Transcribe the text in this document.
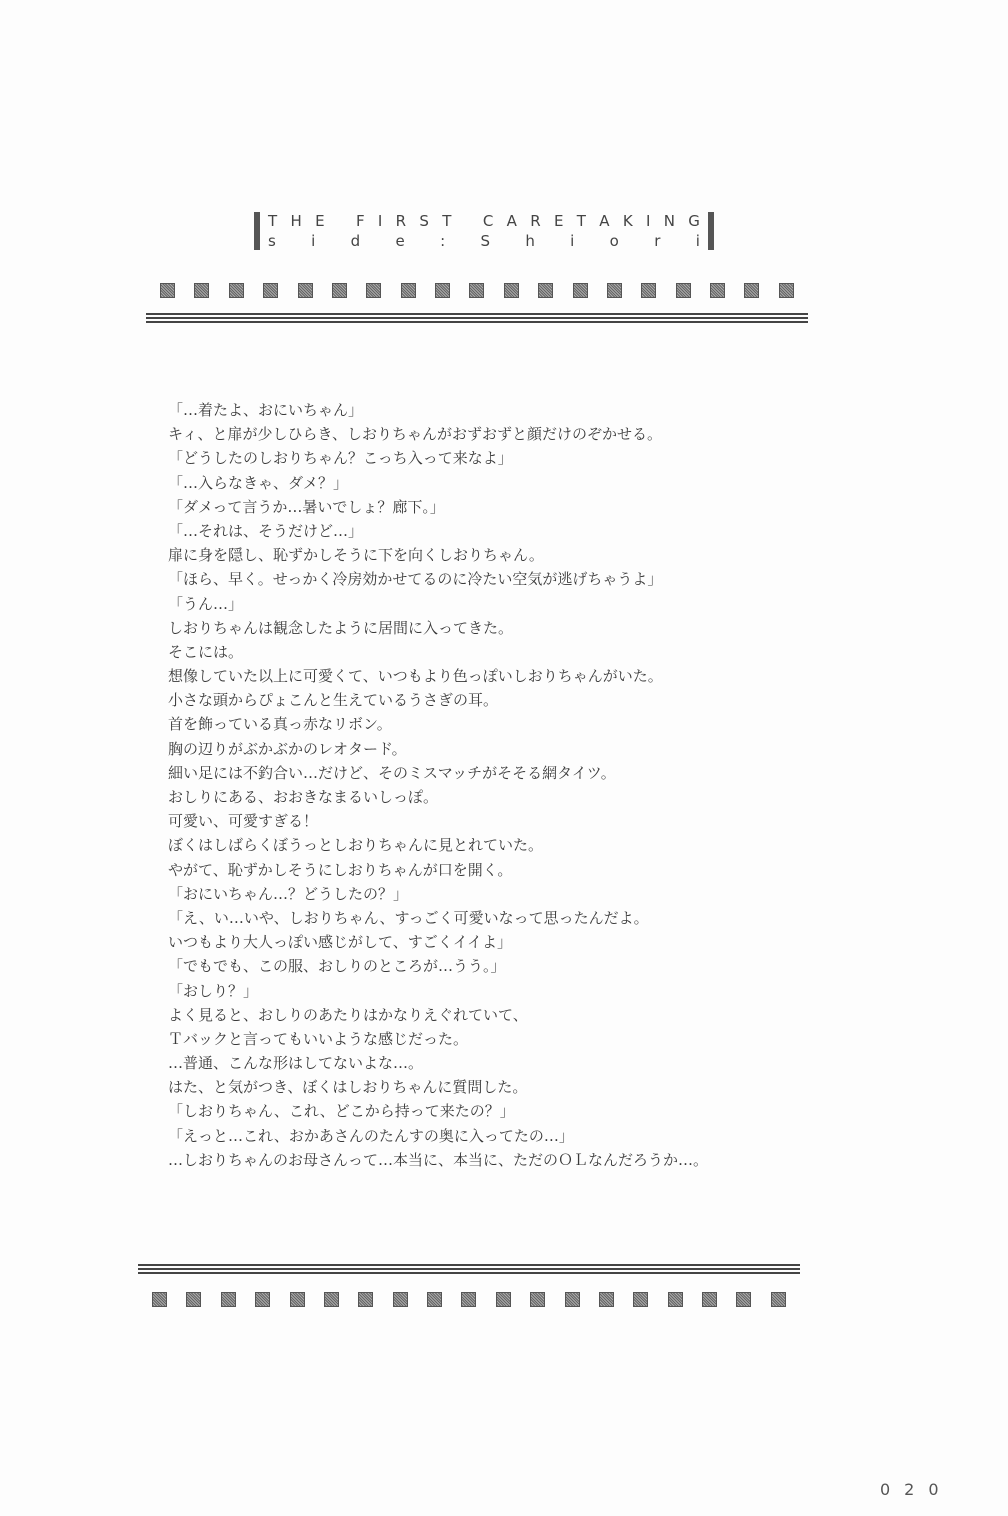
T H E
F I R S T
C A R E T A K I N G
s i d e : S h i o r i
「…着たよ、おにいちゃん」
キィ、と扉が少しひらき、しおりちゃんがおずおずと顔だけのぞかせる。
「どうしたのしおりちゃん？こっち入って来なよ」
「…入らなきゃ、ダメ？」
「ダメって言うか…暑いでしょ？廊下。」
「…それは、そうだけど…」
扉に身を隠し、恥ずかしそうに下を向くしおりちゃん。
「ほら、早く。せっかく冷房効かせてるのに冷たい空気が逃げちゃうよ」
「うん…」
しおりちゃんは観念したように居間に入ってきた。
そこには。
想像していた以上に可愛くて、いつもより色っぽいしおりちゃんがいた。
小さな頭からぴょこんと生えているうさぎの耳。
首を飾っている真っ赤なリボン。
胸の辺りがぶかぶかのレオタード。
細い足には不釣合い…だけど、そのミスマッチがそそる網タイツ。
おしりにある、おおきなまるいしっぽ。
可愛い、可愛すぎる！
ぼくはしばらくぼうっとしおりちゃんに見とれていた。
やがて、恥ずかしそうにしおりちゃんが口を開く。
「おにいちゃん…？どうしたの？」
「え、い…いや、しおりちゃん、すっごく可愛いなって思ったんだよ。
いつもより大人っぽい感じがして、すごくイイよ」
「でもでも、この服、おしりのところが…うう。」
「おしり？」
よく見ると、おしりのあたりはかなりえぐれていて、
Ｔバックと言ってもいいような感じだった。
…普通、こんな形はしてないよな…。
はた、と気がつき、ぼくはしおりちゃんに質問した。
「しおりちゃん、これ、どこから持って来たの？」
「えっと…これ、おかあさんのたんすの奥に入ってたの…」
…しおりちゃんのお母さんって…本当に、本当に、ただのＯＬなんだろうか…。
020
